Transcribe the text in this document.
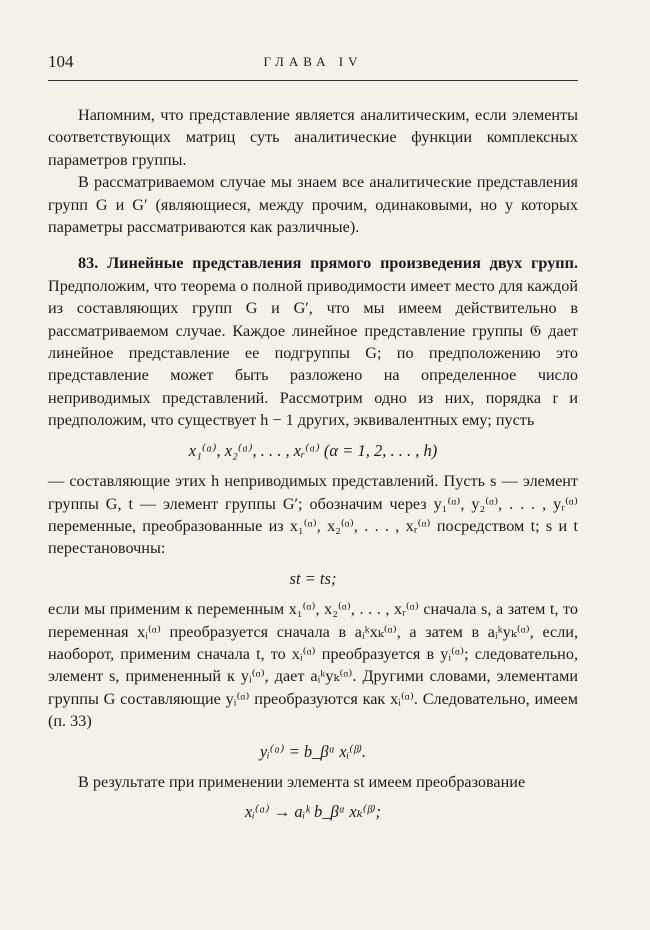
104	ГЛАВА IV

Напомним, что представление является аналитическим, если элементы соответствующих матриц суть аналитические функции комплексных параметров группы.

В рассматриваемом случае мы знаем все аналитические представления групп G и G′ (являющиеся, между прочим, одинаковыми, но у которых параметры рассматриваются как различные).

83. Линейные представления прямого произведения двух групп. Предположим, что теорема о полной приводимости имеет место для каждой из составляющих групп G и G′, что мы имеем действительно в рассматриваемом случае. Каждое линейное представление группы 𝔊 дает линейное представление ее подгруппы G; по предположению это представление может быть разложено на определенное число неприводимых представлений. Рассмотрим одно из них, порядка r и предположим, что существует h − 1 других, эквивалентных ему; пусть

x₁⁽ᵅ⁾, x₂⁽ᵅ⁾, . . . , xᵣ⁽ᵅ⁾ (α = 1, 2, . . . , h)

— составляющие этих h неприводимых представлений. Пусть s — элемент группы G, t — элемент группы G′; обозначим через y₁⁽ᵅ⁾, y₂⁽ᵅ⁾, . . . , yᵣ⁽ᵅ⁾ переменные, преобразованные из x₁⁽ᵅ⁾, x₂⁽ᵅ⁾, . . . , xᵣ⁽ᵅ⁾ посредством t; s и t перестановочны:

st = ts;

если мы применим к переменным x₁⁽ᵅ⁾, x₂⁽ᵅ⁾, . . . , xᵣ⁽ᵅ⁾ сначала s, а затем t, то переменная xᵢ⁽ᵅ⁾ преобразуется сначала в aᵢᵏxₖ⁽ᵅ⁾, а затем в aᵢᵏyₖ⁽ᵅ⁾, если, наоборот, применим сначала t, то xᵢ⁽ᵅ⁾ преобразуется в yᵢ⁽ᵅ⁾; следовательно, элемент s, примененный к yᵢ⁽ᵅ⁾, дает aᵢᵏyₖ⁽ᵅ⁾. Другими словами, элементами группы G составляющие yᵢ⁽ᵅ⁾ преобразуются как xᵢ⁽ᵅ⁾. Следовательно, имеем (п. 33)

yᵢ⁽ᵅ⁾ = b_βᵅ xᵢ⁽ᵝ⁾.

В результате при применении элемента st имеем преобразование

xᵢ⁽ᵅ⁾ → aᵢᵏ b_βᵅ xₖ⁽ᵝ⁾;
